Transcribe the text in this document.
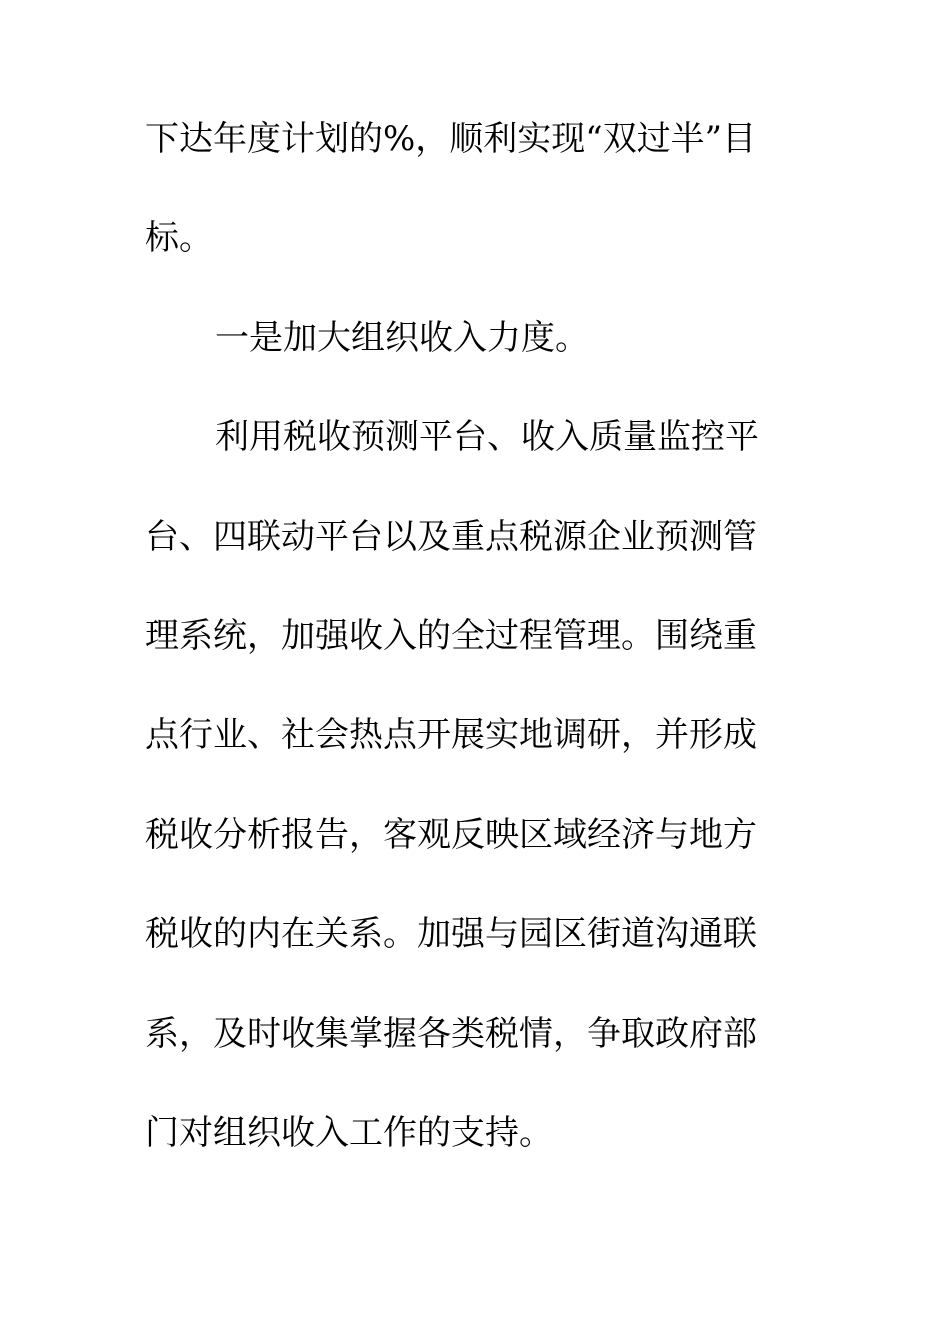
下达年度计划的%，顺利实现“双过半”目
标。
一是加大组织收入力度。
利用税收预测平台、收入质量监控平
台、四联动平台以及重点税源企业预测管
理系统，加强收入的全过程管理。围绕重
点行业、社会热点开展实地调研，并形成
税收分析报告，客观反映区域经济与地方
税收的内在关系。加强与园区街道沟通联
系，及时收集掌握各类税情，争取政府部
门对组织收入工作的支持。
